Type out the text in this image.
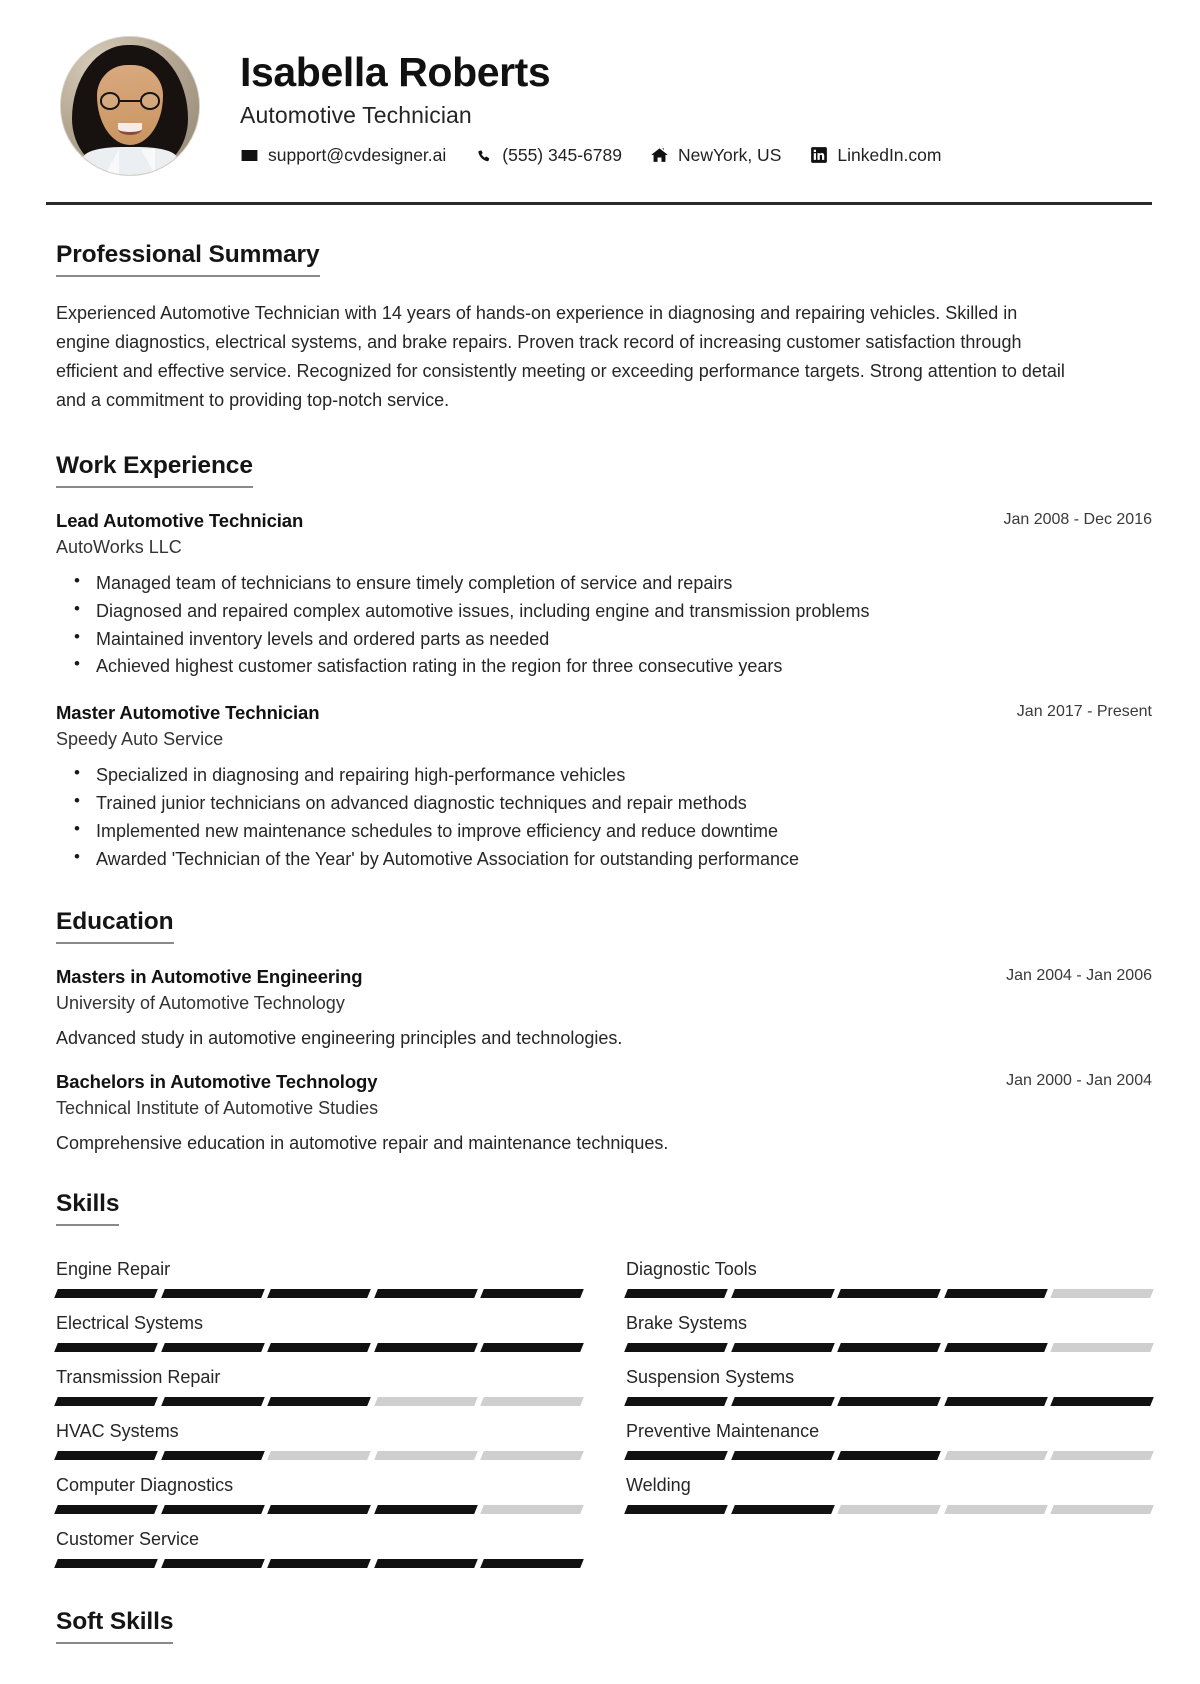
Isabella Roberts
Automotive Technician
support@cvdesigner.ai	(555) 345-6789	NewYork, US	LinkedIn.com
Professional Summary
Experienced Automotive Technician with 14 years of hands-on experience in diagnosing and repairing vehicles. Skilled in engine diagnostics, electrical systems, and brake repairs. Proven track record of increasing customer satisfaction through efficient and effective service. Recognized for consistently meeting or exceeding performance targets. Strong attention to detail and a commitment to providing top-notch service.
Work Experience
Lead Automotive Technician	Jan 2008 - Dec 2016
AutoWorks LLC
• Managed team of technicians to ensure timely completion of service and repairs
• Diagnosed and repaired complex automotive issues, including engine and transmission problems
• Maintained inventory levels and ordered parts as needed
• Achieved highest customer satisfaction rating in the region for three consecutive years
Master Automotive Technician	Jan 2017 - Present
Speedy Auto Service
• Specialized in diagnosing and repairing high-performance vehicles
• Trained junior technicians on advanced diagnostic techniques and repair methods
• Implemented new maintenance schedules to improve efficiency and reduce downtime
• Awarded 'Technician of the Year' by Automotive Association for outstanding performance
Education
Masters in Automotive Engineering	Jan 2004 - Jan 2006
University of Automotive Technology
Advanced study in automotive engineering principles and technologies.
Bachelors in Automotive Technology	Jan 2000 - Jan 2004
Technical Institute of Automotive Studies
Comprehensive education in automotive repair and maintenance techniques.
Skills
Engine Repair	Diagnostic Tools
Electrical Systems	Brake Systems
Transmission Repair	Suspension Systems
HVAC Systems	Preventive Maintenance
Computer Diagnostics	Welding
Customer Service
Soft Skills
